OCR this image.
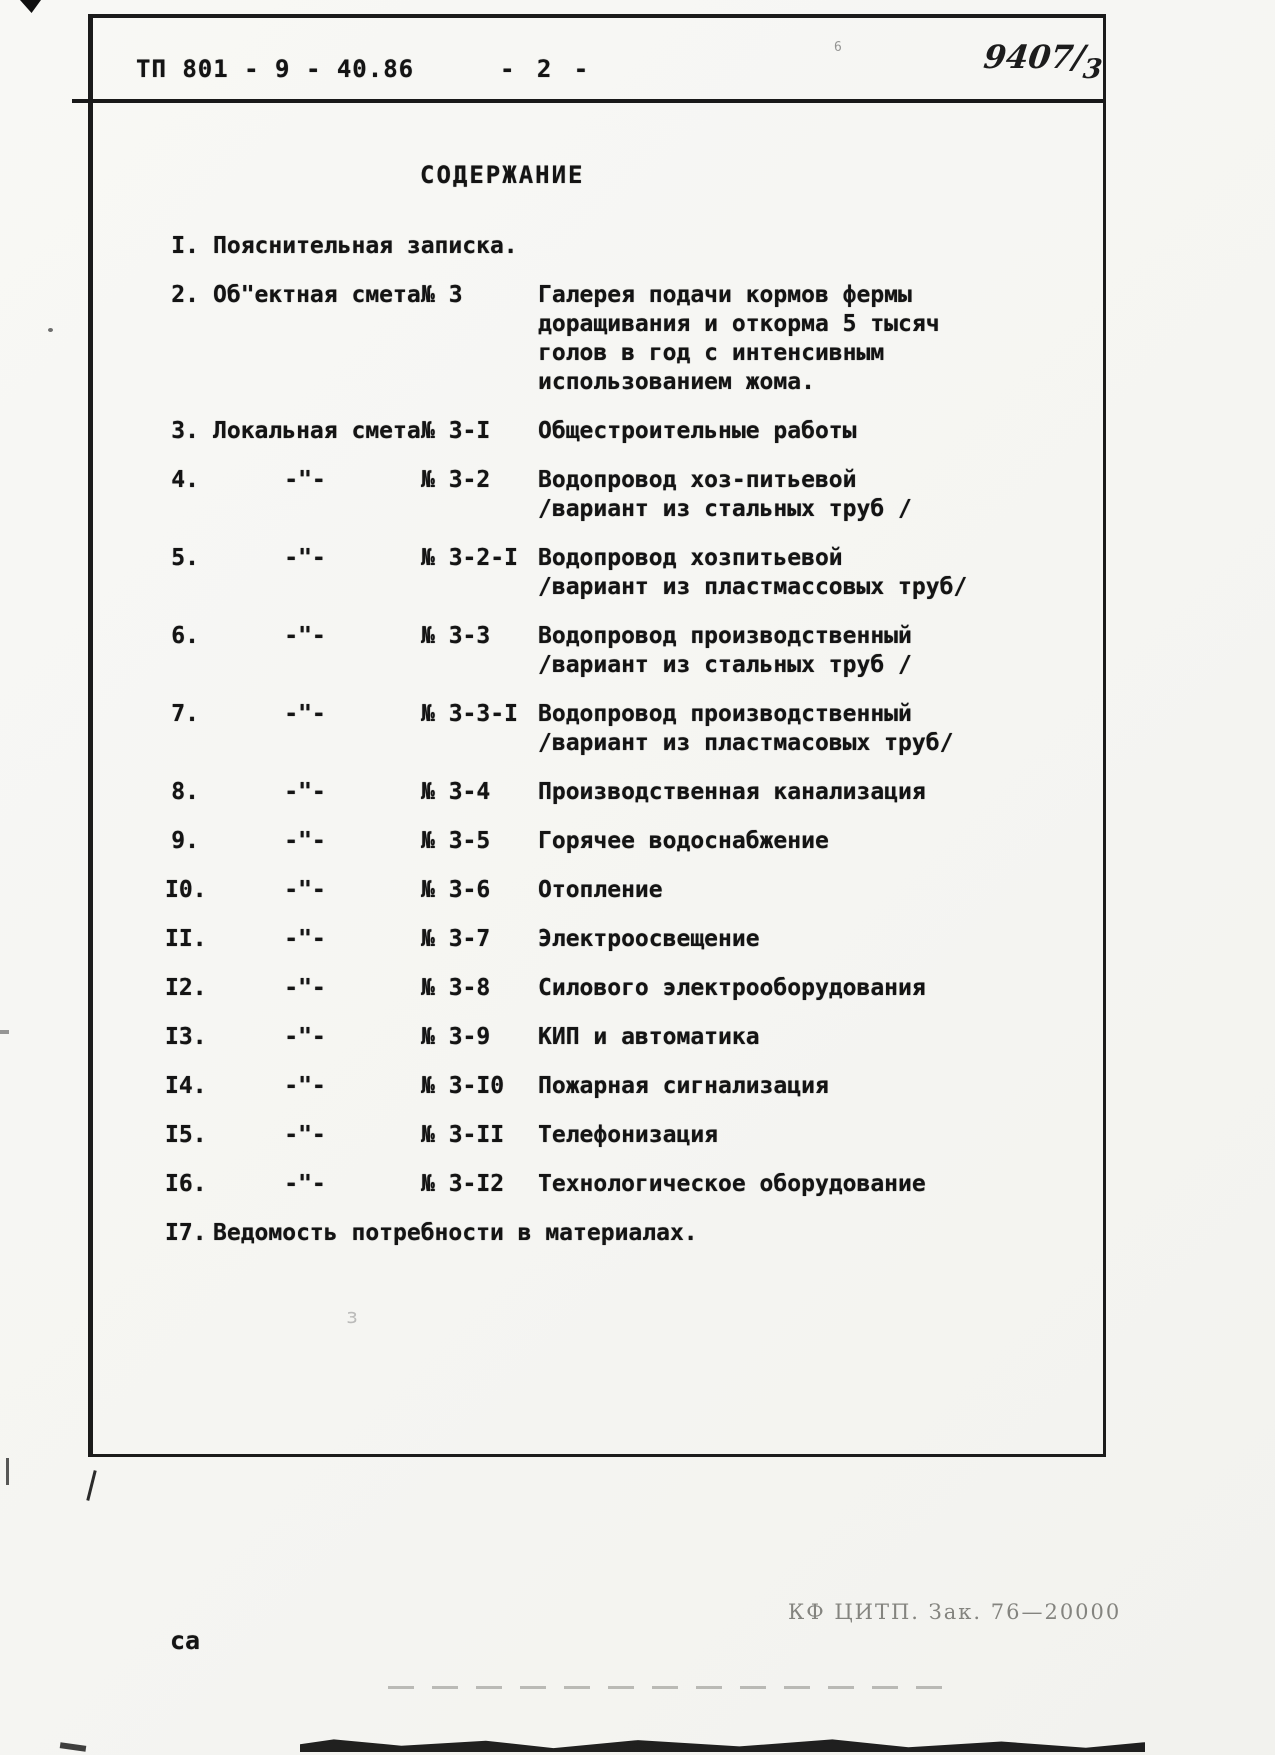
з
6
ТП 801 - 9 - 40.86	- 2 -	9407/3
СОДЕРЖАНИЕ
I. Пояснительная записка.
2. Об"ектная смета № 3	Галерея подачи кормов фермы
доращивания и откорма 5 тысяч
голов в год с интенсивным
использованием жома.
3. Локальная смета № 3-I	Общестроительные работы
4.	-"-	№ 3-2	Водопровод хоз-питьевой
/вариант из стальных труб /
5.	-"-	№ 3-2-I Водопровод хозпитьевой
/вариант из пластмассовых труб/
6.	-"-	№ 3-3	Водопровод производственный
/вариант из стальных труб /
7.	-"-	№ 3-3-I Водопровод производственный
/вариант из пластмасовых труб/
8.	-"-	№ 3-4	Производственная канализация
9.	-"-	№ 3-5	Горячее водоснабжение
I0.	-"-	№ 3-6	Отопление
II.	-"-	№ 3-7	Электроосвещение
I2.	-"-	№ 3-8	Силового электрооборудования
I3.	-"-	№ 3-9	КИП и автоматика
I4.	-"-	№ 3-I0	Пожарная сигнализация
I5.	-"-	№ 3-II	Телефонизация
I6.	-"-	№ 3-I2	Технологическое оборудование
I7. Ведомость потребности в материалах.
КФ ЦИТП. Зак. 76—20000
са
